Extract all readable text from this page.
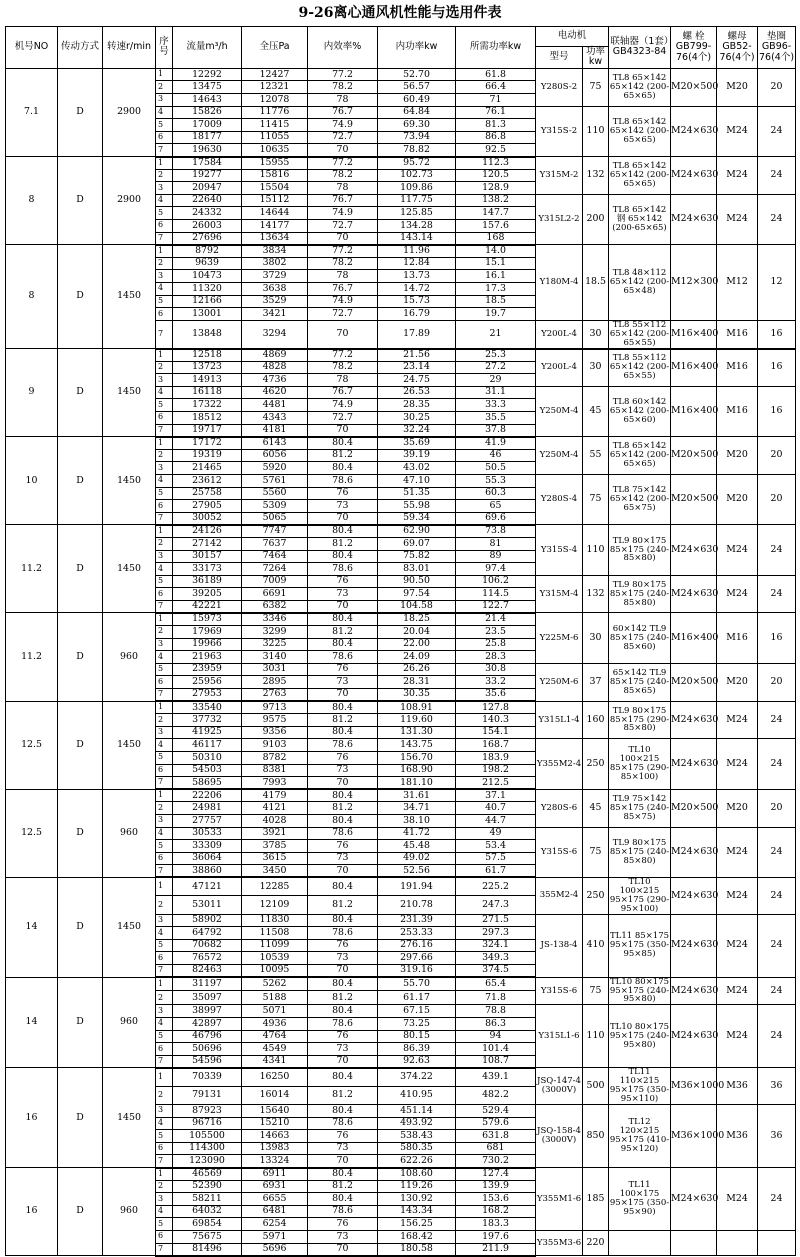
9-26离心通风机性能与选用件表
机号NO	传动方式	转速r/min	序号	流量m³/h	全压Pa	内效率%	内功率kw	所需功率kw	电动机		联轴器（1套）GB4323-84	螺 栓 GB799-76(4个)	螺母 GB52-76(4个)	垫圈 GB96-76(4个)
									型号	功率kw				
7.1	D	2900	1	12292	12427	77.2	52.70	61.8	Y280S-2	75	TL8 65×142 65×142 (200-65×65)	M20×500	M20	20
			2	13475	12321	78.2	56.57	66.4						
			3	14643	12078	78	60.49	71						
			4	15826	11776	76.7	64.84	76.1	Y315S-2	110	TL8 65×142 65×142 (200-65×65)	M24×630	M24	24
			5	17009	11415	74.9	69.30	81.3						
			6	18177	11055	72.7	73.94	86.8						
			7	19630	10635	70	78.82	92.5						
8	D	2900	1	17584	15955	77.2	95.72	112.3	Y315M-2	132	TL8 65×142 65×142 (200-65×65)	M24×630	M24	24
			2	19277	15816	78.2	102.73	120.5						
			3	20947	15504	78	109.86	128.9						
			4	22640	15112	76.7	117.75	138.2	Y315L2-2	200	TL8 65×142 钢 65×142 (200-65×65)	M24×630	M24	24
			5	24332	14644	74.9	125.85	147.7						
			6	26003	14177	72.7	134.28	157.6						
			7	27696	13634	70	143.14	168						
8	D	1450	1	8792	3834	77.2	11.96	14.0	Y180M-4	18.5	TL8 48×112 65×142 (200-65×48)	M12×300	M12	12
			2	9639	3802	78.2	12.84	15.1						
			3	10473	3729	78	13.73	16.1						
			4	11320	3638	76.7	14.72	17.3						
			5	12166	3529	74.9	15.73	18.5						
			6	13001	3421	72.7	16.79	19.7						
			7	13848	3294	70	17.89	21	Y200L-4	30	TL8 55×112 65×142 (200-65×55)	M16×400	M16	16
9	D	1450	1	12518	4869	77.2	21.56	25.3	Y200L-4	30	TL8 55×112 65×142 (200-65×55)	M16×400	M16	16
			2	13723	4828	78.2	23.14	27.2						
			3	14913	4736	78	24.75	29						
			4	16118	4620	76.7	26.53	31.1	Y250M-4	45	TL8 60×142 65×142 (200-65×60)	M16×400	M16	16
			5	17322	4481	74.9	28.35	33.3						
			6	18512	4343	72.7	30.25	35.5						
			7	19717	4181	70	32.24	37.8						
10	D	1450	1	17172	6143	80.4	35.69	41.9	Y250M-4	55	TL8 65×142 65×142 (200-65×65)	M20×500	M20	20
			2	19319	6056	81.2	39.19	46						
			3	21465	5920	80.4	43.02	50.5						
			4	23612	5761	78.6	47.10	55.3	Y280S-4	75	TL8 75×142 65×142 (200-65×75)	M20×500	M20	20
			5	25758	5560	76	51.35	60.3						
			6	27905	5309	73	55.98	65						
			7	30052	5065	70	59.34	69.6						
11.2	D	1450	1	24126	7747	80.4	62.90	73.8	Y315S-4	110	TL9 80×175 85×175 (240-85×80)	M24×630	M24	24
			2	27142	7637	81.2	69.07	81						
			3	30157	7464	80.4	75.82	89						
			4	33173	7264	78.6	83.01	97.4						
			5	36189	7009	76	90.50	106.2	Y315M-4	132	TL9 80×175 85×175 (240-85×80)	M24×630	M24	24
			6	39205	6691	73	97.54	114.5						
			7	42221	6382	70	104.58	122.7						
11.2	D	960	1	15973	3346	80.4	18.25	21.4	Y225M-6	30	60×142 TL9 85×175 (240-85×60)	M16×400	M16	16
			2	17969	3299	81.2	20.04	23.5						
			3	19966	3225	80.4	22.00	25.8						
			4	21963	3140	78.6	24.09	28.3						
			5	23959	3031	76	26.26	30.8	Y250M-6	37	65×142 TL9 85×175 (240-85×65)	M20×500	M20	20
			6	25956	2895	73	28.31	33.2						
			7	27953	2763	70	30.35	35.6						
12.5	D	1450	1	33540	9713	80.4	108.91	127.8	Y315L1-4	160	TL9 80×175 85×175 (290-85×80)	M24×630	M24	24
			2	37732	9575	81.2	119.60	140.3						
			3	41925	9356	80.4	131.30	154.1						
			4	46117	9103	78.6	143.75	168.7	Y355M2-4	250	TL10 100×215 85×175 (290-85×100)	M24×630	M24	24
			5	50310	8782	76	156.70	183.9						
			6	54503	8381	73	168.90	198.2						
			7	58695	7993	70	181.10	212.5						
12.5	D	960	1	22206	4179	80.4	31.61	37.1	Y280S-6	45	TL9 75×142 85×175 (240-85×75)	M20×500	M20	20
			2	24981	4121	81.2	34.71	40.7						
			3	27757	4028	80.4	38.10	44.7						
			4	30533	3921	78.6	41.72	49	Y315S-6	75	TL9 80×175 85×175 (240-85×80)	M24×630	M24	24
			5	33309	3785	76	45.48	53.4						
			6	36064	3615	73	49.02	57.5						
			7	38860	3450	70	52.56	61.7						
14	D	1450	1	47121	12285	80.4	191.94	225.2	355M2-4	250	TL10 100×215 95×175 (290-95×100)	M24×630	M24	24
			2	53011	12109	81.2	210.78	247.3						
			3	58902	11830	80.4	231.39	271.5	JS-138-4	410	TL11 85×175 95×175 (350-95×85)	M24×630	M24	24
			4	64792	11508	78.6	253.33	297.3						
			5	70682	11099	76	276.16	324.1						
			6	76572	10539	73	297.66	349.3						
			7	82463	10095	70	319.16	374.5						
14	D	960	1	31197	5262	80.4	55.70	65.4	Y315S-6	75	TL10 80×175 95×175 (240-95×80)	M24×630	M24	24
			2	35097	5188	81.2	61.17	71.8						
			3	38997	5071	80.4	67.15	78.8	Y315L1-6	110	TL10 80×175 95×175 (240-95×80)	M24×630	M24	24
			4	42897	4936	78.6	73.25	86.3						
			5	46796	4764	76	80.15	94						
			6	50696	4549	73	86.39	101.4						
			7	54596	4341	70	92.63	108.7						
16	D	1450	1	70339	16250	80.4	374.22	439.1	JSQ-147-4 (3000V)	500	TL11 110×215 95×175 (350-95×110)	M36×1000	M36	36
			2	79131	16014	81.2	410.95	482.2						
			3	87923	15640	80.4	451.14	529.4	JSQ-158-4 (3000V)	850	TL12 120×215 95×175 (410-95×120)	M36×1000	M36	36
			4	96716	15210	78.6	493.92	579.6						
			5	105500	14663	76	538.43	631.8						
			6	114300	13983	73	580.35	681						
			7	123090	13324	70	622.26	730.2						
16	D	960	1	46569	6911	80.4	108.60	127.4	Y355M1-6	185	TL11 100×175 95×175 (350-95×90)	M24×630	M24	24
			2	52390	6931	81.2	119.26	139.9						
			3	58211	6655	80.4	130.92	153.6						
			4	64032	6481	78.6	143.34	168.2						
			5	69854	6254	76	156.25	183.3						
			6	75675	5971	73	168.42	197.6	Y355M3-6	220				
			7	81496	5696	70	180.58	211.9						
